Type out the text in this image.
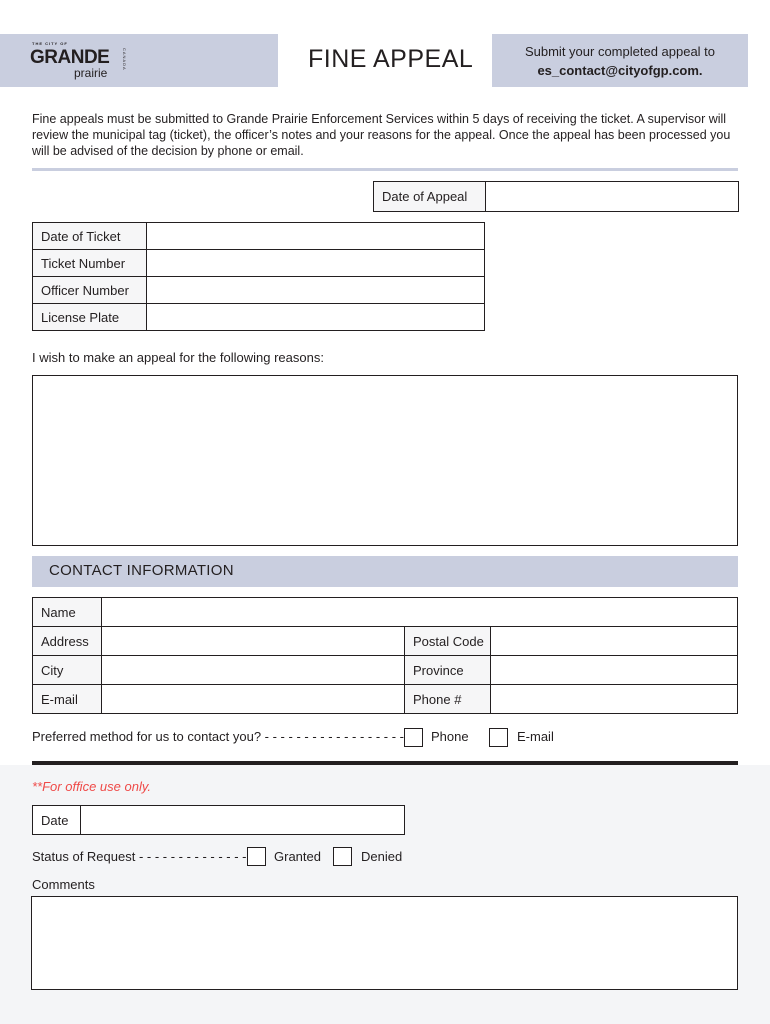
THE CITY OF
GRANDE
prairie
CANADA	FINE APPEAL	Submit your completed appeal to
es_contact@cityofgp.com.
Fine appeals must be submitted to Grande Prairie Enforcement Services within 5 days of receiving the ticket. A supervisor will review the municipal tag (ticket), the officer’s notes and your reasons for the appeal. Once the appeal has been processed you will be advised of the decision by phone or email.
Date of Appeal	
Date of Ticket	
Ticket Number	
Officer Number	
License Plate	
I wish to make an appeal for the following reasons:
CONTACT INFORMATION
Name			
Address		Postal Code	
City		Province	
E-mail		Phone #	
Preferred method for us to contact you? - - - - - - - - - - - - - - - - - - Phone	E-mail
**For office use only.
Date	
Status of Request - - - - - - - - - - - - - - Granted	Denied
Comments
